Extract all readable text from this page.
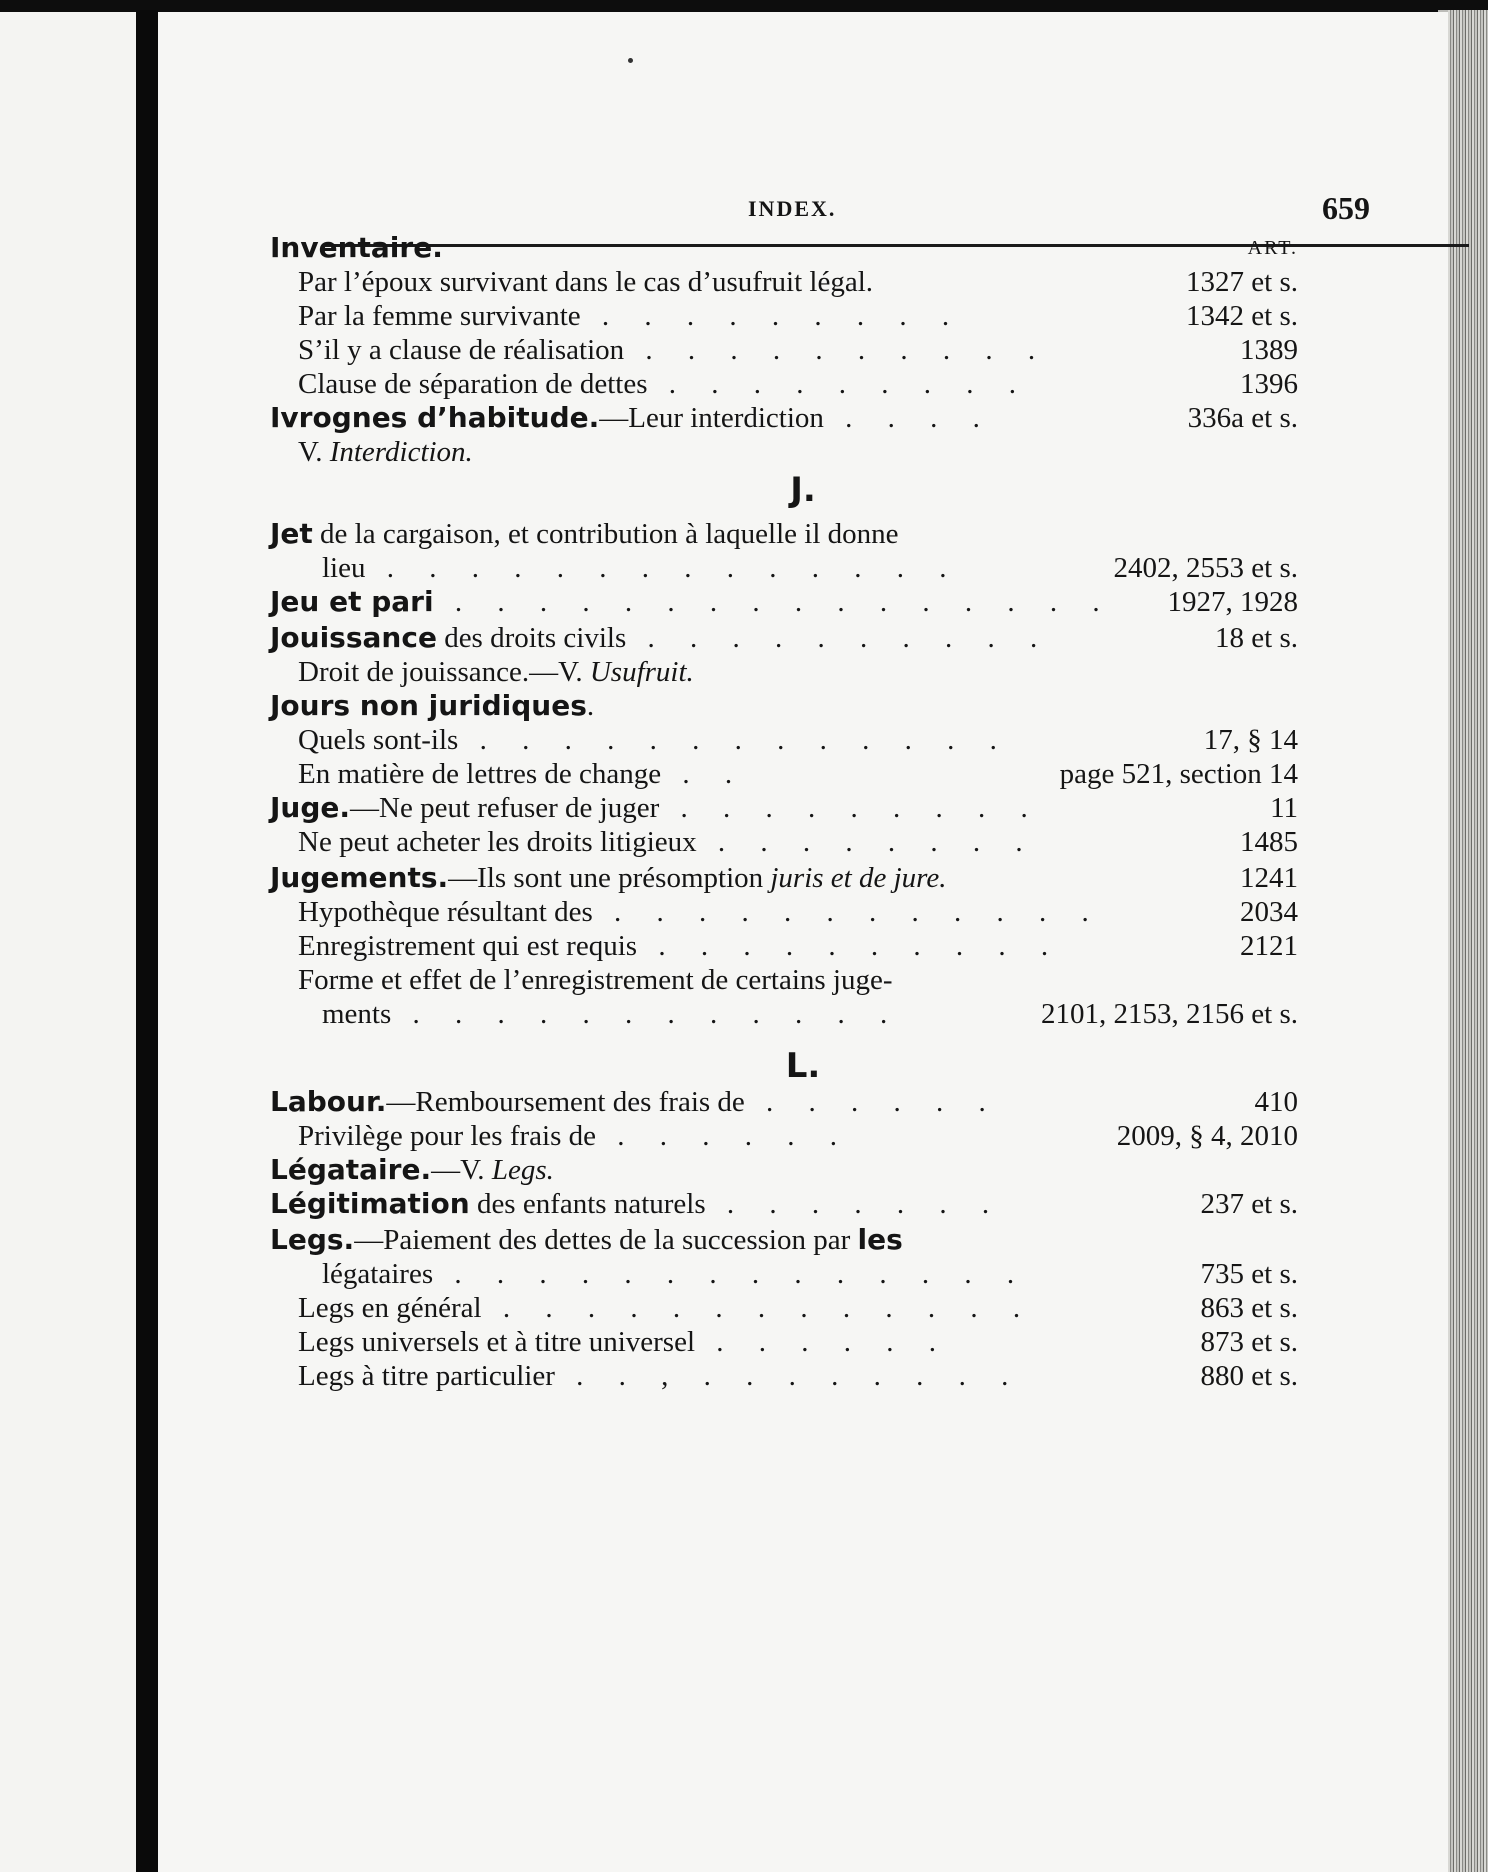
INDEX.	659
Inventaire.	ART.
Par l’époux survivant dans le cas d’usufruit légal.	1327 et s.
Par la femme survivante . . . . . . . . .	1342 et s.
S’il y a clause de réalisation . . . . . . . . . .	1389
Clause de séparation de dettes . . . . . . . . .	1396
Ivrognes d’habitude.—Leur interdiction . . . .	336a et s.
V. Interdiction.
Jet de la cargaison, et contribution à laquelle il donne
lieu . . . . . . . . . . . . . .	2402, 2553 et s.
Jeu et pari . . . . . . . . . . . . . . . . 1927, 1928
Jouissance des droits civils . . . . . . . . . .	18 et s.
Droit de jouissance.—V. Usufruit.
Jours non juridiques.
Quels sont-ils . . . . . . . . . . . . .	17, § 14
En matière de lettres de change . .	page 521, section 14
Juge.—Ne peut refuser de juger . . . . . . . . .	11
Ne peut acheter les droits litigieux . . . . . . . .	1485
Jugements.—Ils sont une présomption juris et de jure.	1241
Hypothèque résultant des . . . . . . . . . . . .	2034
Enregistrement qui est requis . . . . . . . . . .	2121
Forme et effet de l’enregistrement de certains juge-
ments . . . . . . . . . . . .	2101, 2153, 2156 et s.
Labour.—Remboursement des frais de . . . . . .	410
Privilège pour les frais de . . . . . .	2009, § 4, 2010
Légataire.—V. Legs.
Légitimation des enfants naturels . . . . . . .	237 et s.
Legs.—Paiement des dettes de la succession par les
légataires . . . . . . . . . . . . . .	735 et s.
Legs en général . . . . . . . . . . . . .	863 et s.
Legs universels et à titre universel . . . . . .	873 et s.
Legs à titre particulier . . , . . . . . . . .	880 et s.
J.
L.
